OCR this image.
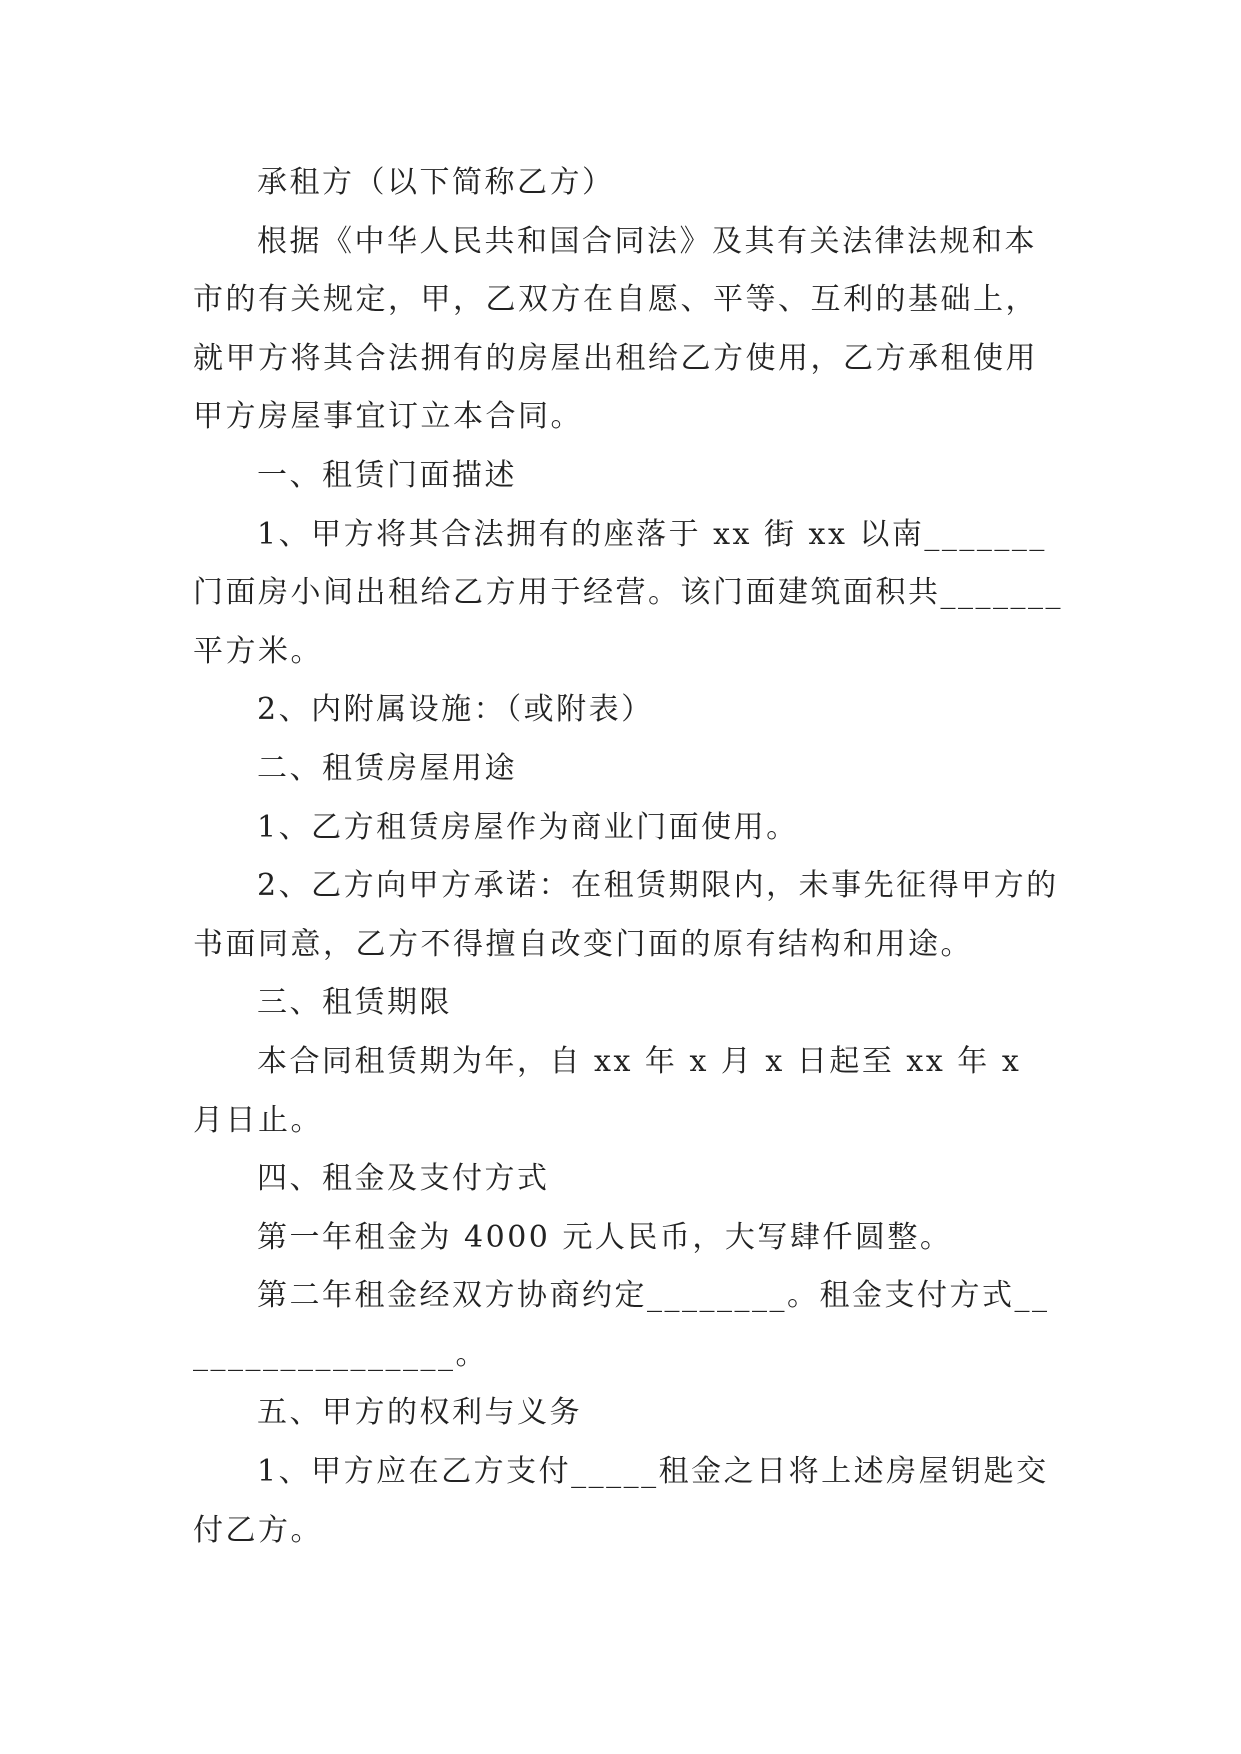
承租方（以下简称乙方）

根据《中华人民共和国合同法》及其有关法律法规和本市的有关规定，甲，乙双方在自愿、平等、互利的基础上，就甲方将其合法拥有的房屋出租给乙方使用，乙方承租使用甲方房屋事宜订立本合同。

一、租赁门面描述

1、甲方将其合法拥有的座落于 xx 街 xx 以南_______门面房小间出租给乙方用于经营。该门面建筑面积共_______平方米。

2、内附属设施：（或附表）

二、租赁房屋用途

1、乙方租赁房屋作为商业门面使用。

2、乙方向甲方承诺：在租赁期限内，未事先征得甲方的书面同意，乙方不得擅自改变门面的原有结构和用途。

三、租赁期限

本合同租赁期为年，自 xx 年 x 月 x 日起至 xx 年 x 月日止。

四、租金及支付方式

第一年租金为 4000 元人民币，大写肆仟圆整。

第二年租金经双方协商约定________。租金支付方式_________________。

五、甲方的权利与义务

1、甲方应在乙方支付_____租金之日将上述房屋钥匙交付乙方。
